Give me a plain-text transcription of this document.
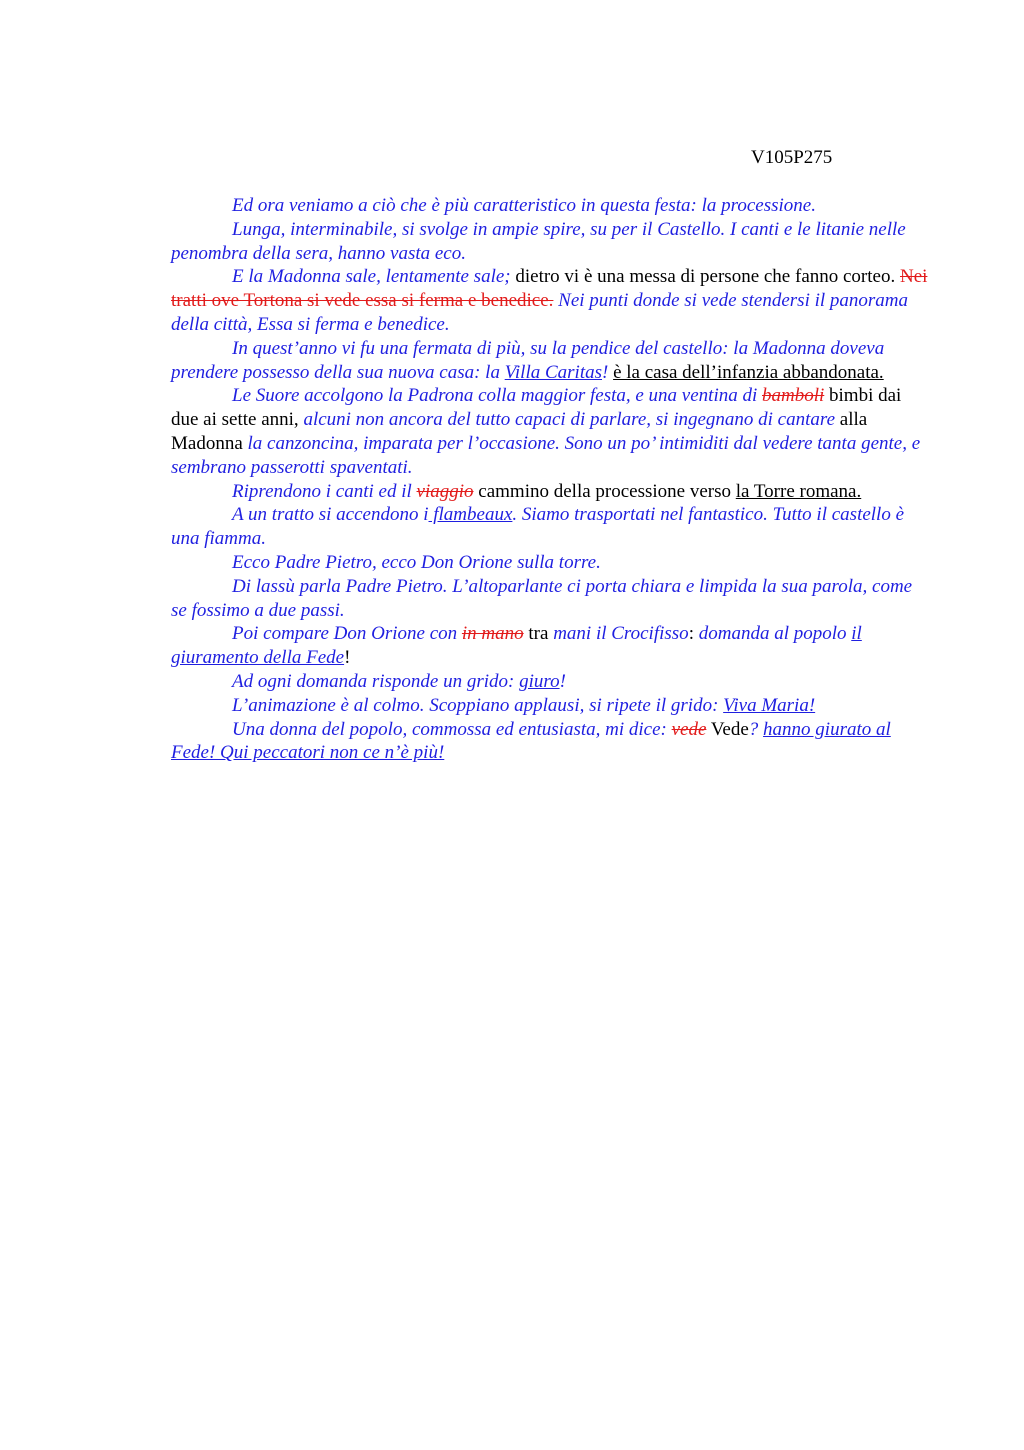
V105P275

Ed ora veniamo a ciò che è più caratteristico in questa festa: la processione.

Lunga, interminabile, si svolge in ampie spire, su per il Castello. I canti e le litanie nelle penombra della sera, hanno vasta eco.

E la Madonna sale, lentamente sale; dietro vi è una messa di persone che fanno corteo. Nei tratti ove Tortona si vede essa si ferma e benedice. Nei punti donde si vede stendersi il panorama della città, Essa si ferma e benedice.

In quest’anno vi fu una fermata di più, su la pendice del castello: la Madonna doveva prendere possesso della sua nuova casa: la Villa Caritas! è la casa dell’infanzia abbandonata.

Le Suore accolgono la Padrona colla maggior festa, e una ventina di bamboli bimbi dai due ai sette anni, alcuni non ancora del tutto capaci di parlare, si ingegnano di cantare alla Madonna la canzoncina, imparata per l’occasione. Sono un po’ intimiditi dal vedere tanta gente, e sembrano passerotti spaventati.

Riprendono i canti ed il viaggio cammino della processione verso la Torre romana.

A un tratto si accendono i flambeaux. Siamo trasportati nel fantastico. Tutto il castello è una fiamma.

Ecco Padre Pietro, ecco Don Orione sulla torre.

Di lassù parla Padre Pietro. L’altoparlante ci porta chiara e limpida la sua parola, come se fossimo a due passi.

Poi compare Don Orione con in mano tra mani il Crocifisso: domanda al popolo il giuramento della Fede!

Ad ogni domanda risponde un grido: giuro!

L’animazione è al colmo. Scoppiano applausi, si ripete il grido: Viva Maria!

Una donna del popolo, commossa ed entusiasta, mi dice: vede Vede? hanno giurato al Fede! Qui peccatori non ce n’è più!
